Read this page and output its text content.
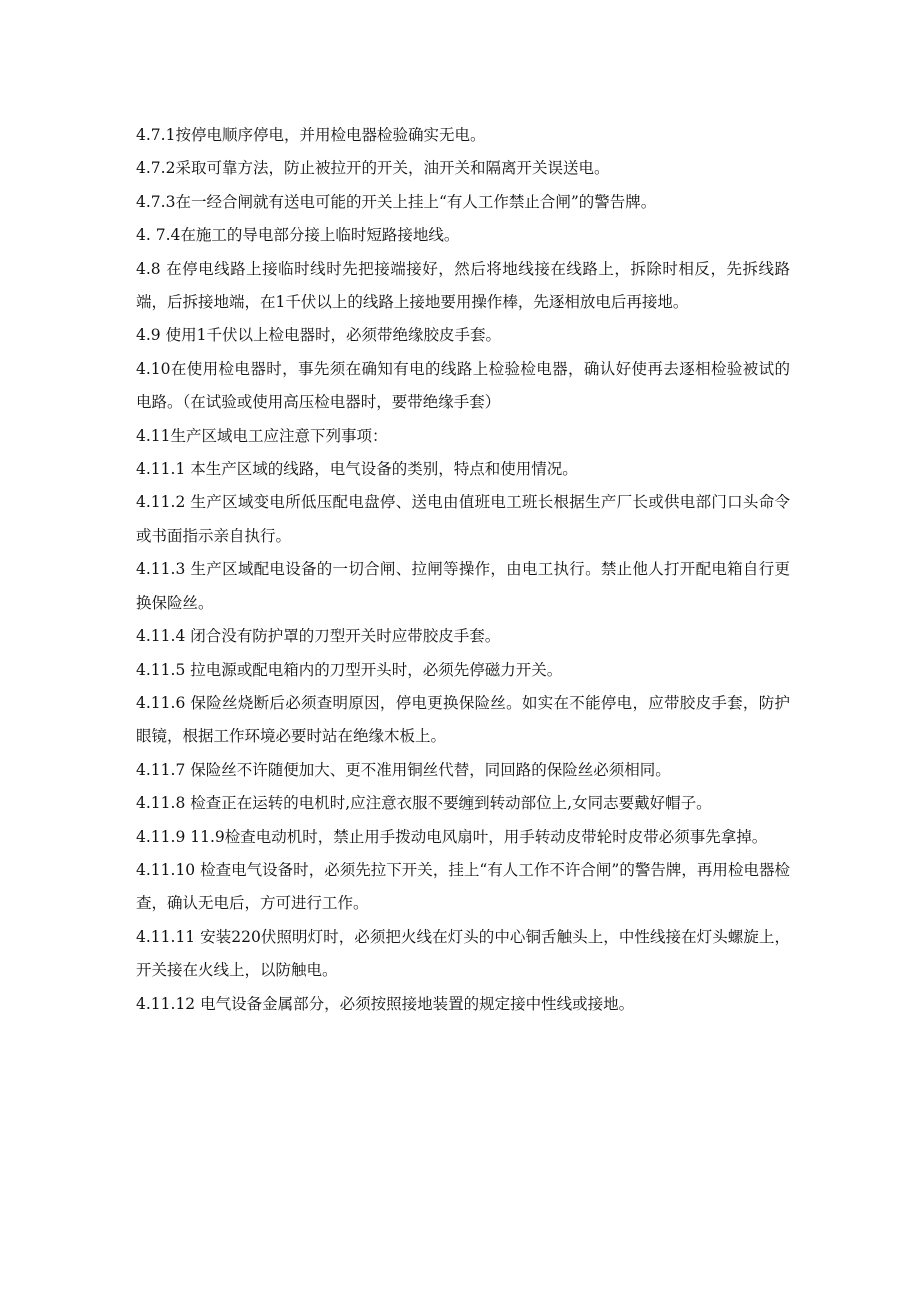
4.7.1按停电顺序停电，并用检电器检验确实无电。

4.7.2采取可靠方法，防止被拉开的开关，油开关和隔离开关误送电。

4.7.3在一经合闸就有送电可能的开关上挂上“有人工作禁止合闸”的警告牌。

4. 7.4在施工的导电部分接上临时短路接地线。

4.8 在停电线路上接临时线时先把接端接好，然后将地线接在线路上，拆除时相反，先拆线路端，后拆接地端，在1千伏以上的线路上接地要用操作棒，先逐相放电后再接地。

4.9 使用1千伏以上检电器时，必须带绝缘胶皮手套。

4.10在使用检电器时，事先须在确知有电的线路上检验检电器，确认好使再去逐相检验被试的电路。（在试验或使用高压检电器时，要带绝缘手套）

4.11生产区域电工应注意下列事项：

4.11.1 本生产区域的线路，电气设备的类别，特点和使用情况。

4.11.2 生产区域变电所低压配电盘停、送电由值班电工班长根据生产厂长或供电部门口头命令或书面指示亲自执行。

4.11.3 生产区域配电设备的一切合闸、拉闸等操作，由电工执行。禁止他人打开配电箱自行更换保险丝。

4.11.4 闭合没有防护罩的刀型开关时应带胶皮手套。

4.11.5 拉电源或配电箱内的刀型开头时，必须先停磁力开关。

4.11.6 保险丝烧断后必须查明原因，停电更换保险丝。如实在不能停电，应带胶皮手套，防护眼镜，根据工作环境必要时站在绝缘木板上。

4.11.7 保险丝不许随便加大、更不准用铜丝代替，同回路的保险丝必须相同。

4.11.8 检查正在运转的电机时,应注意衣服不要缠到转动部位上,女同志要戴好帽子。

4.11.9 11.9检查电动机时，禁止用手拨动电风扇叶，用手转动皮带轮时皮带必须事先拿掉。

4.11.10 检查电气设备时，必须先拉下开关，挂上“有人工作不许合闸”的警告牌，再用检电器检查，确认无电后，方可进行工作。

4.11.11 安装220伏照明灯时，必须把火线在灯头的中心铜舌触头上，中性线接在灯头螺旋上，开关接在火线上，以防触电。

4.11.12 电气设备金属部分，必须按照接地装置的规定接中性线或接地。
